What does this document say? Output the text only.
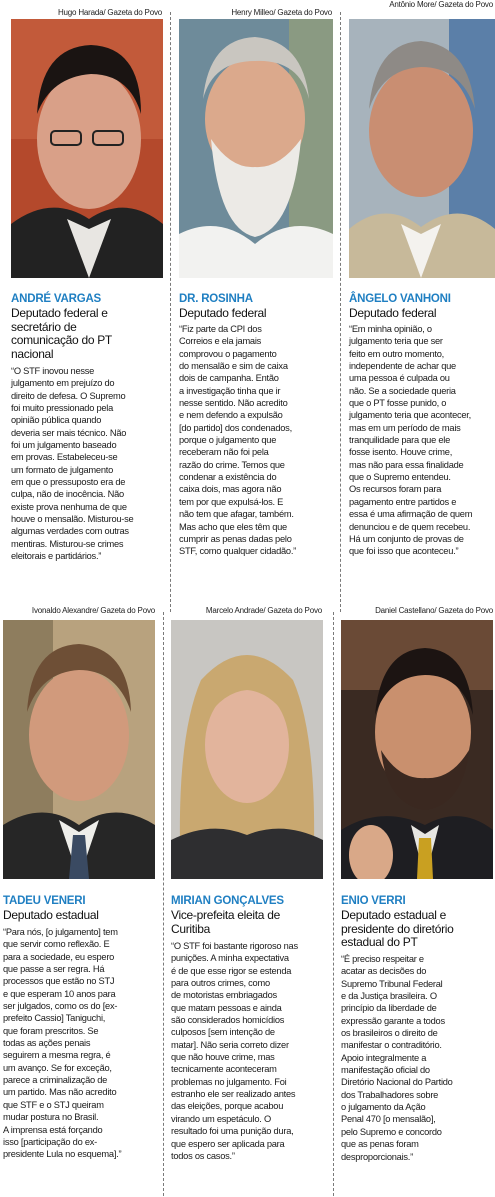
Hugo Harada/ Gazeta do Povo
ANDRÉ VARGAS
Deputado federal e secretário de comunicação do PT nacional
“O STF inovou nesse
julgamento em prejuízo do
direito de defesa. O Supremo
foi muito pressionado pela
opinião pública quando
deveria ser mais técnico. Não
foi um julgamento baseado
em provas. Estabeleceu-se
um formato de julgamento
em que o pressuposto era de
culpa, não de inocência. Não
existe prova nenhuma de que
houve o mensalão. Misturou-se
algumas verdades com outras
mentiras. Misturou-se crimes
eleitorais e partidários.”
Henry Milleo/ Gazeta do Povo
DR. ROSINHA
Deputado federal
“Fiz parte da CPI dos
Correios e ela jamais
comprovou o pagamento
do mensalão e sim de caixa
dois de campanha. Então
a investigação tinha que ir
nesse sentido. Não acredito
e nem defendo a expulsão
[do partido] dos condenados,
porque o julgamento que
receberam não foi pela
razão do crime. Temos que
condenar a existência do
caixa dois, mas agora não
tem por que expulsá-los. E
não tem que afagar, também.
Mas acho que eles têm que
cumprir as penas dadas pelo
STF, como qualquer cidadão.”
Antônio More/ Gazeta do Povo
ÂNGELO VANHONI
Deputado federal
“Em minha opinião, o
julgamento teria que ser
feito em outro momento,
independente de achar que
uma pessoa é culpada ou
não. Se a sociedade queria
que o PT fosse punido, o
julgamento teria que acontecer,
mas em um período de mais
tranquilidade para que ele
fosse isento. Houve crime,
mas não para essa finalidade
que o Supremo entendeu.
Os recursos foram para
pagamento entre partidos e
essa é uma afirmação de quem
denunciou e de quem recebeu.
Há um conjunto de provas de
que foi isso que aconteceu.”
Ivonaldo Alexandre/ Gazeta do Povo
TADEU VENERI
Deputado estadual
“Para nós, [o julgamento] tem
que servir como reflexão. E
para a sociedade, eu espero
que passe a ser regra. Há
processos que estão no STJ
e que esperam 10 anos para
ser julgados, como os do [ex-
prefeito Cassio] Taniguchi,
que foram prescritos. Se
todas as ações penais
seguirem a mesma regra, é
um avanço. Se for exceção,
parece a criminalização de
um partido. Mas não acredito
que STF e o STJ queiram
mudar postura no Brasil.
A imprensa está forçando
isso [participação do ex-
presidente Lula no esquema].”
Marcelo Andrade/ Gazeta do Povo
MIRIAN GONÇALVES
Vice-prefeita eleita de Curitiba
“O STF foi bastante rigoroso nas
punições. A minha expectativa
é de que esse rigor se estenda
para outros crimes, como
de motoristas embriagados
que matam pessoas e ainda
são considerados homicídios
culposos [sem intenção de
matar]. Não seria correto dizer
que não houve crime, mas
tecnicamente aconteceram
problemas no julgamento. Foi
estranho ele ser realizado antes
das eleições, porque acabou
virando um espetáculo. O
resultado foi uma punição dura,
que espero ser aplicada para
todos os casos.”
Daniel Castellano/ Gazeta do Povo
ENIO VERRI
Deputado estadual e presidente do diretório estadual do PT
“É preciso respeitar e
acatar as decisões do
Supremo Tribunal Federal
e da Justiça brasileira. O
princípio da liberdade de
expressão garante a todos
os brasileiros o direito de
manifestar o contraditório.
Apoio integralmente a
manifestação oficial do
Diretório Nacional do Partido
dos Trabalhadores sobre
o julgamento da Ação
Penal 470 [o mensalão],
pelo Supremo e concordo
que as penas foram
desproporcionais.”
